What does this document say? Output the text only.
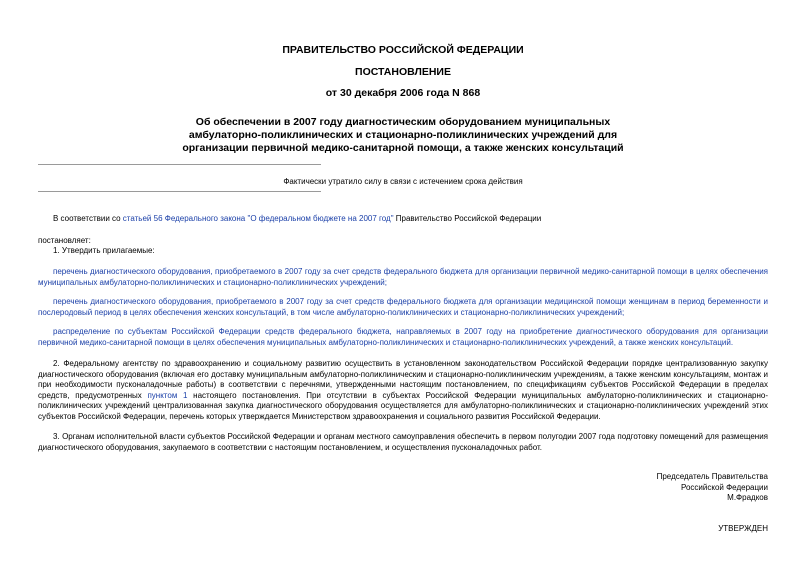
ПРАВИТЕЛЬСТВО РОССИЙСКОЙ ФЕДЕРАЦИИ
ПОСТАНОВЛЕНИЕ
от 30 декабря 2006 года N 868
Об обеспечении в 2007 году диагностическим оборудованием муниципальных
амбулаторно-поликлинических и стационарно-поликлинических учреждений для
организации первичной медико-санитарной помощи, а также женских консультаций
Фактически утратило силу в связи с истечением срока действия
В соответствии со статьей 56 Федерального закона "О федеральном бюджете на 2007 год" Правительство Российской Федерации
постановляет:
1. Утвердить прилагаемые:
перечень диагностического оборудования, приобретаемого в 2007 году за счет средств федерального бюджета для организации первичной медико-санитарной помощи в целях обеспечения муниципальных амбулаторно-поликлинических и стационарно-поликлинических учреждений;
перечень диагностического оборудования, приобретаемого в 2007 году за счет средств федерального бюджета для организации медицинской помощи женщинам в период беременности и послеродовый период в целях обеспечения женских консультаций, в том числе амбулаторно-поликлинических и стационарно-поликлинических учреждений;
распределение по субъектам Российской Федерации средств федерального бюджета, направляемых в 2007 году на приобретение диагностического оборудования для организации первичной медико-санитарной помощи в целях обеспечения муниципальных амбулаторно-поликлинических и стационарно-поликлинических учреждений, а также женских консультаций.
2. Федеральному агентству по здравоохранению и социальному развитию осуществить в установленном законодательством Российской Федерации порядке централизованную закупку диагностического оборудования (включая его доставку муниципальным амбулаторно-поликлиническим и стационарно-поликлиническим учреждениям, а также женским консультациям, монтаж и при необходимости пусконаладочные работы) в соответствии с перечнями, утвержденными настоящим постановлением, по спецификациям субъектов Российской Федерации в пределах средств, предусмотренных пунктом 1 настоящего постановления. При отсутствии в субъектах Российской Федерации муниципальных амбулаторно-поликлинических и стационарно-поликлинических учреждений централизованная закупка диагностического оборудования осуществляется для амбулаторно-поликлинических и стационарно-поликлинических учреждений этих субъектов Российской Федерации, перечень которых утверждается Министерством здравоохранения и социального развития Российской Федерации.
3. Органам исполнительной власти субъектов Российской Федерации и органам местного самоуправления обеспечить в первом полугодии 2007 года подготовку помещений для размещения диагностического оборудования, закупаемого в соответствии с настоящим постановлением, и осуществления пусконаладочных работ.
Председатель Правительства
Российской Федерации
М.Фрадков
УТВЕРЖДЕН
